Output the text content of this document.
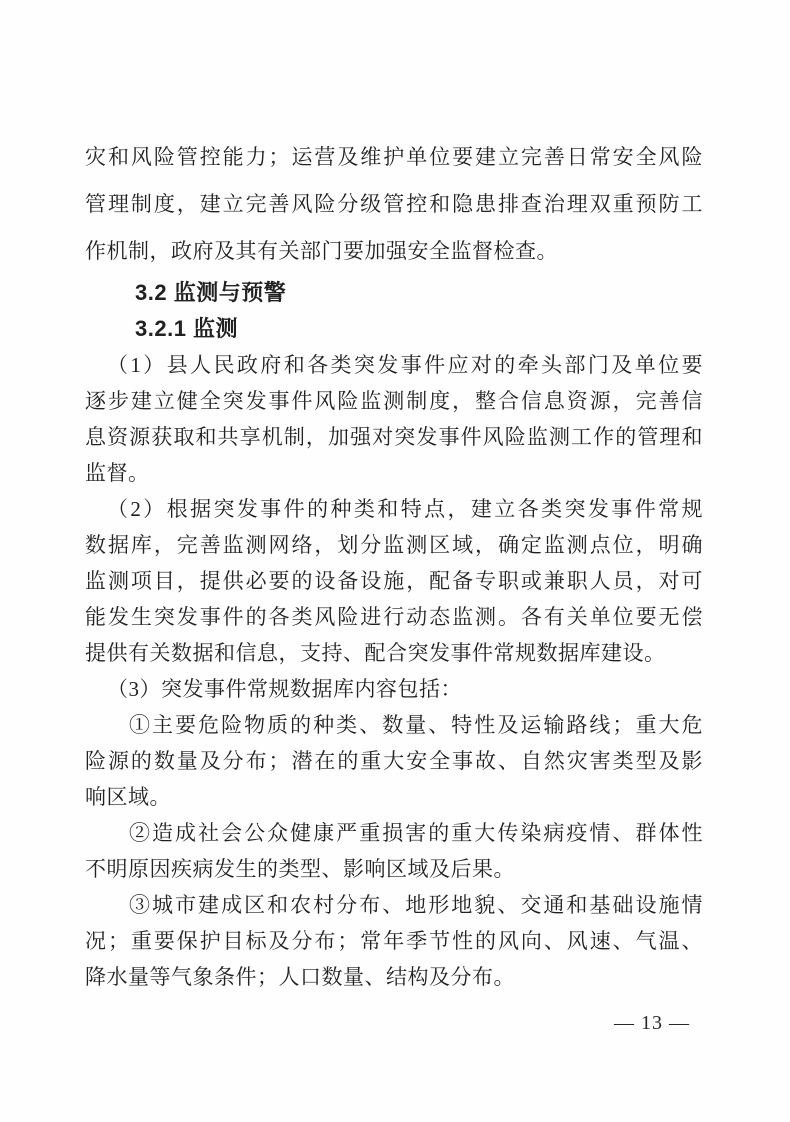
灾和风险管控能力；运营及维护单位要建立完善日常安全风险
管理制度，建立完善风险分级管控和隐患排查治理双重预防工
作机制，政府及其有关部门要加强安全监督检查。
3.2 监测与预警
3.2.1 监测
（1）县人民政府和各类突发事件应对的牵头部门及单位要
逐步建立健全突发事件风险监测制度，整合信息资源，完善信
息资源获取和共享机制，加强对突发事件风险监测工作的管理和
监督。
（2）根据突发事件的种类和特点，建立各类突发事件常规
数据库，完善监测网络，划分监测区域，确定监测点位，明确
监测项目，提供必要的设备设施，配备专职或兼职人员，对可
能发生突发事件的各类风险进行动态监测。各有关单位要无偿
提供有关数据和信息，支持、配合突发事件常规数据库建设。
（3）突发事件常规数据库内容包括：
①主要危险物质的种类、数量、特性及运输路线；重大危
险源的数量及分布；潜在的重大安全事故、自然灾害类型及影
响区域。
②造成社会公众健康严重损害的重大传染病疫情、群体性
不明原因疾病发生的类型、影响区域及后果。
③城市建成区和农村分布、地形地貌、交通和基础设施情
况；重要保护目标及分布；常年季节性的风向、风速、气温、
降水量等气象条件；人口数量、结构及分布。
— 13 —
